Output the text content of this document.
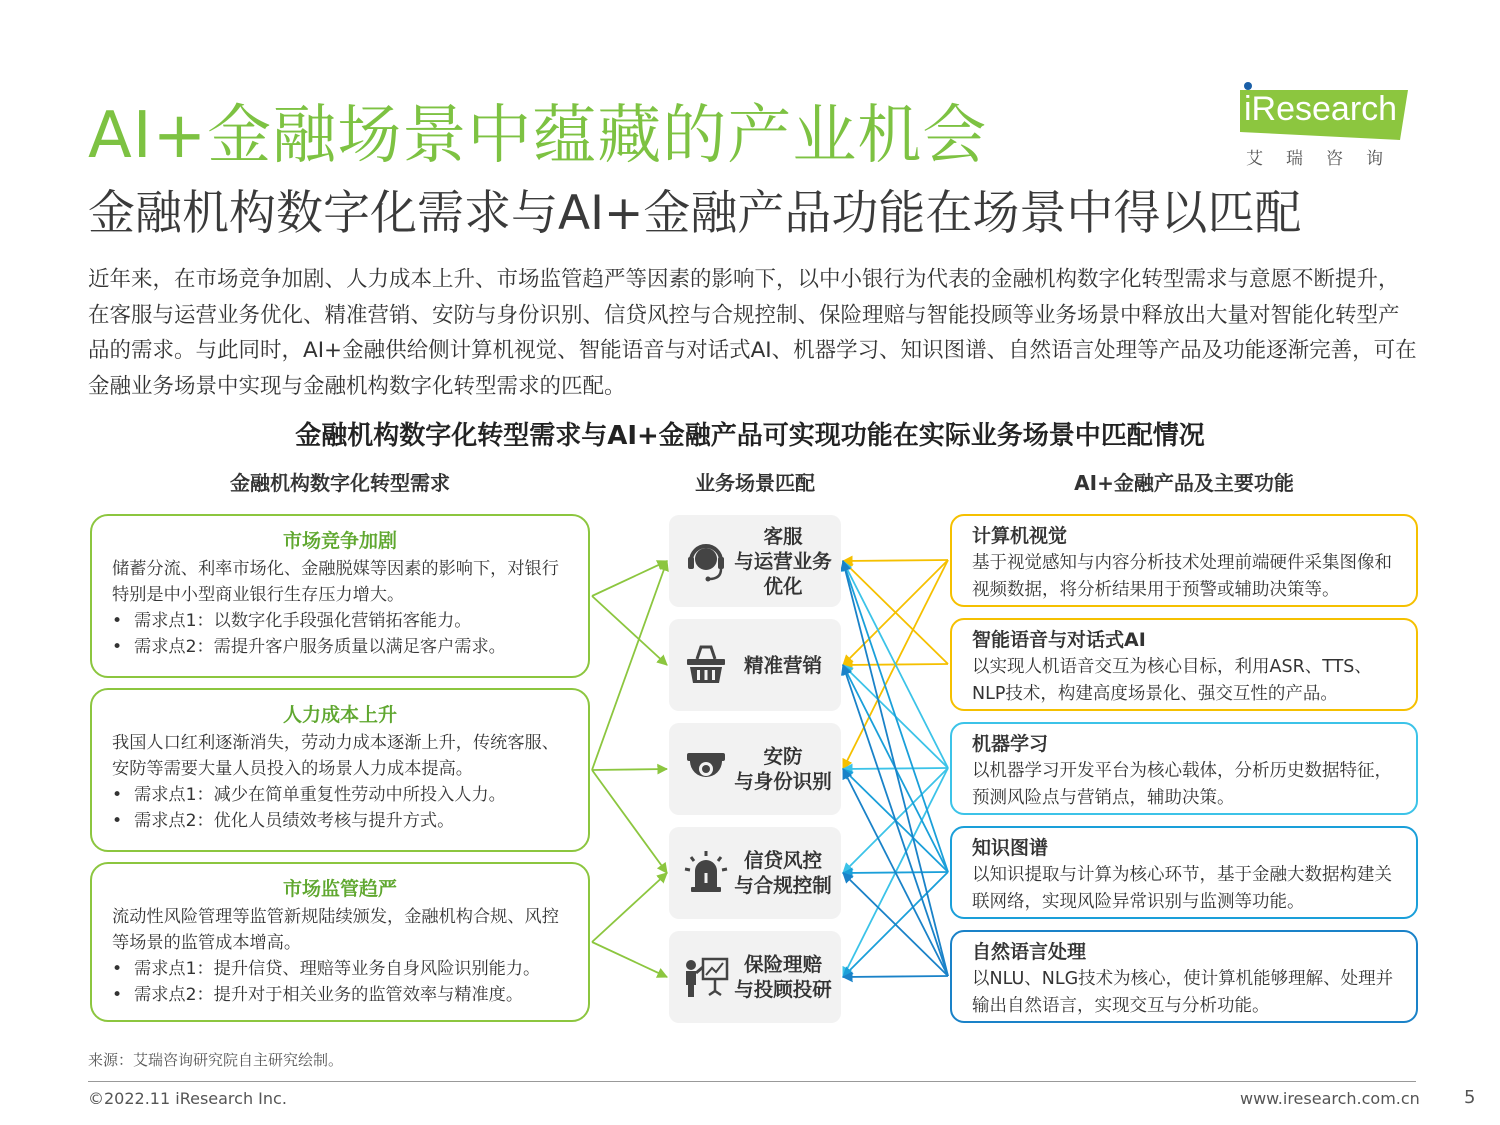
AI+金融场景中蕴藏的产业机会
金融机构数字化需求与AI+金融产品功能在场景中得以匹配
iResearch
艾瑞咨询
近年来，在市场竞争加剧、人力成本上升、市场监管趋严等因素的影响下，以中小银行为代表的金融机构数字化转型需求与意愿不断提升，在客服与运营业务优化、精准营销、安防与身份识别、信贷风控与合规控制、保险理赔与智能投顾等业务场景中释放出大量对智能化转型产品的需求。与此同时，AI+金融供给侧计算机视觉、智能语音与对话式AI、机器学习、知识图谱、自然语言处理等产品及功能逐渐完善，可在金融业务场景中实现与金融机构数字化转型需求的匹配。
金融机构数字化转型需求与AI+金融产品可实现功能在实际业务场景中匹配情况
金融机构数字化转型需求	业务场景匹配	AI+金融产品及主要功能
市场竞争加剧
储蓄分流、利率市场化、金融脱媒等因素的影响下，对银行特别是中小型商业银行生存压力增大。
• 需求点1：以数字化手段强化营销拓客能力。
• 需求点2：需提升客户服务质量以满足客户需求。
人力成本上升
我国人口红利逐渐消失，劳动力成本逐渐上升，传统客服、安防等需要大量人员投入的场景人力成本提高。
• 需求点1：减少在简单重复性劳动中所投入人力。
• 需求点2：优化人员绩效考核与提升方式。
市场监管趋严
流动性风险管理等监管新规陆续颁发，金融机构合规、风控等场景的监管成本增高。
• 需求点1：提升信贷、理赔等业务自身风险识别能力。
• 需求点2：提升对于相关业务的监管效率与精准度。
客服
与运营业务
优化
精准营销
安防
与身份识别
信贷风控
与合规控制
保险理赔
与投顾投研
计算机视觉
基于视觉感知与内容分析技术处理前端硬件采集图像和视频数据，将分析结果用于预警或辅助决策等。
智能语音与对话式AI
以实现人机语音交互为核心目标，利用ASR、TTS、NLP技术，构建高度场景化、强交互性的产品。
机器学习
以机器学习开发平台为核心载体，分析历史数据特征，预测风险点与营销点，辅助决策。
知识图谱
以知识提取与计算为核心环节，基于金融大数据构建关联网络，实现风险异常识别与监测等功能。
自然语言处理
以NLU、NLG技术为核心，使计算机能够理解、处理并输出自然语言，实现交互与分析功能。
来源：艾瑞咨询研究院自主研究绘制。
©2022.11 iResearch Inc.	www.iresearch.com.cn 5
